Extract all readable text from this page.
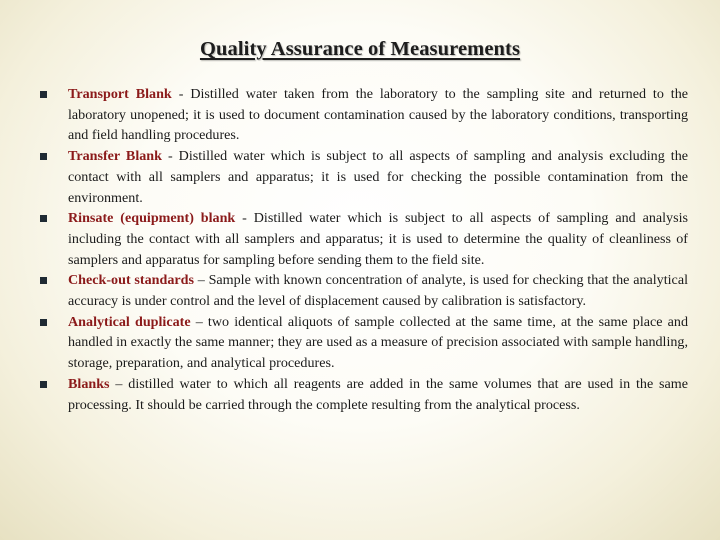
Quality Assurance of Measurements
Transport Blank - Distilled water taken from the laboratory to the sampling site and returned to the laboratory unopened; it is used to document contamination caused by the laboratory conditions, transporting and field handling procedures.
Transfer Blank - Distilled water which is subject to all aspects of sampling and analysis excluding the contact with all samplers and apparatus; it is used for checking the possible contamination from the environment.
Rinsate (equipment) blank - Distilled water which is subject to all aspects of sampling and analysis including the contact with all samplers and apparatus; it is used to determine the quality of cleanliness of samplers and apparatus for sampling before sending them to the field site.
Check-out standards – Sample with known concentration of analyte, is used for checking that the analytical accuracy is under control and the level of displacement caused by calibration is satisfactory.
Analytical duplicate – two identical aliquots of sample collected at the same time, at the same place and handled in exactly the same manner; they are used as a measure of precision associated with sample handling, storage, preparation, and analytical procedures.
Blanks – distilled water to which all reagents are added in the same volumes that are used in the same processing. It should be carried through the complete resulting from the analytical process.
